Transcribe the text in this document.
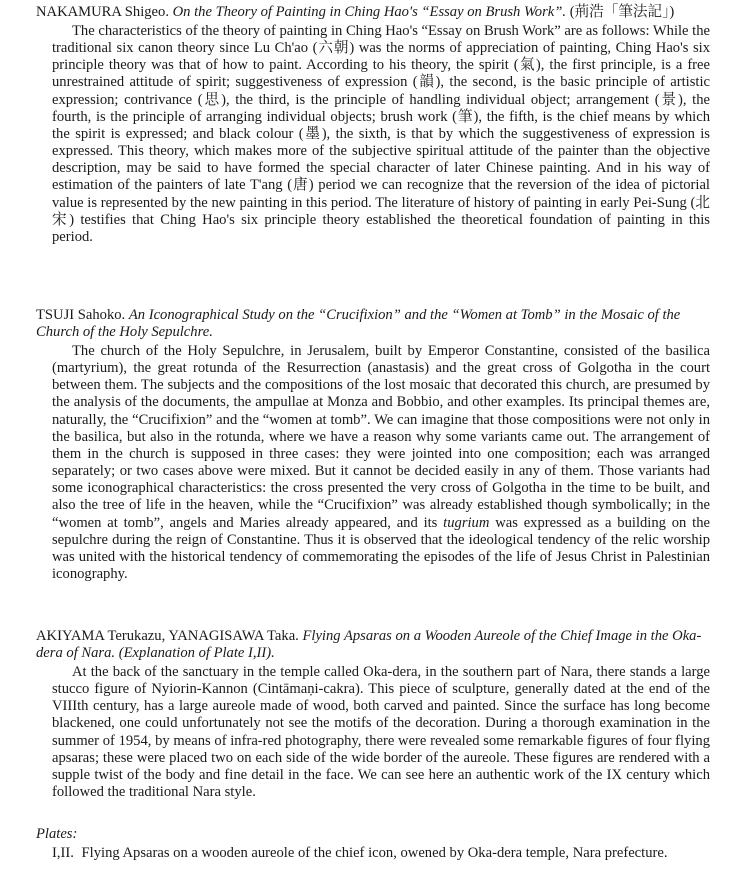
NAKAMURA Shigeo. On the Theory of Painting in Ching Hao's “Essay on Brush Work”. (荊浩「筆法記」)

The characteristics of the theory of painting in Ching Hao's “Essay on Brush Work” are as follows: While the traditional six canon theory since Lu Ch'ao (六朝) was the norms of appreciation of painting, Ching Hao's six principle theory was that of how to paint. According to his theory, the spirit (氣), the first principle, is a free unrestrained attitude of spirit; suggestiveness of expression (韻), the second, is the basic principle of artistic expression; contrivance (思), the third, is the principle of handling individual object; arrangement (景), the fourth, is the principle of arranging individual objects; brush work (筆), the fifth, is the chief means by which the spirit is expressed; and black colour (墨), the sixth, is that by which the suggestiveness of expression is expressed. This theory, which makes more of the subjective spiritual attitude of the painter than the objective description, may be said to have formed the special character of later Chinese painting. And in his way of estimation of the painters of late T'ang (唐) period we can recognize that the reversion of the idea of pictorial value is represented by the new painting in this period. The literature of history of painting in early Pei-Sung (北宋) testifies that Ching Hao's six principle theory established the theoretical foundation of painting in this period.

TSUJI Sahoko. An Iconographical Study on the “Crucifixion” and the “Women at Tomb” in the Mosaic of the Church of the Holy Sepulchre.

The church of the Holy Sepulchre, in Jerusalem, built by Emperor Constantine, consisted of the basilica (martyrium), the great rotunda of the Resurrection (anastasis) and the great cross of Golgotha in the court between them. The subjects and the compositions of the lost mosaic that decorated this church, are presumed by the analysis of the documents, the ampullae at Monza and Bobbio, and other examples. Its principal themes are, naturally, the “Crucifixion” and the “women at tomb”. We can imagine that those compositions were not only in the basilica, but also in the rotunda, where we have a reason why some variants came out. The arrangement of them in the church is supposed in three cases: they were jointed into one composition; each was arranged separately; or two cases above were mixed. But it cannot be decided easily in any of them. Those variants had some iconographical characteristics: the cross presented the very cross of Golgotha in the time to be built, and also the tree of life in the heaven, while the “Crucifixion” was already established though symbolically; in the “women at tomb”, angels and Maries already appeared, and its tugrium was expressed as a building on the sepulchre during the reign of Constantine. Thus it is observed that the ideological tendency of the relic worship was united with the historical tendency of commemorating the episodes of the life of Jesus Christ in Palestinian iconography.

AKIYAMA Terukazu, YANAGISAWA Taka. Flying Apsaras on a Wooden Aureole of the Chief Image in the Oka-dera of Nara. (Explanation of Plate I,II).

At the back of the sanctuary in the temple called Oka-dera, in the southern part of Nara, there stands a large stucco figure of Nyiorin-Kannon (Cintāmaṇi-cakra). This piece of sculpture, generally dated at the end of the VIIIth century, has a large aureole made of wood, both carved and painted. Since the surface has long become blackened, one could unfortunately not see the motifs of the decoration. During a thorough examination in the summer of 1954, by means of infra-red photography, there were revealed some remarkable figures of four flying apsaras; these were placed two on each side of the wide border of the aureole. These figures are rendered with a supple twist of the body and fine detail in the face. We can see here an authentic work of the IX century which followed the traditional Nara style.

Plates:
I,II. Flying Apsaras on a wooden aureole of the chief icon, owened by Oka-dera temple, Nara prefecture.
